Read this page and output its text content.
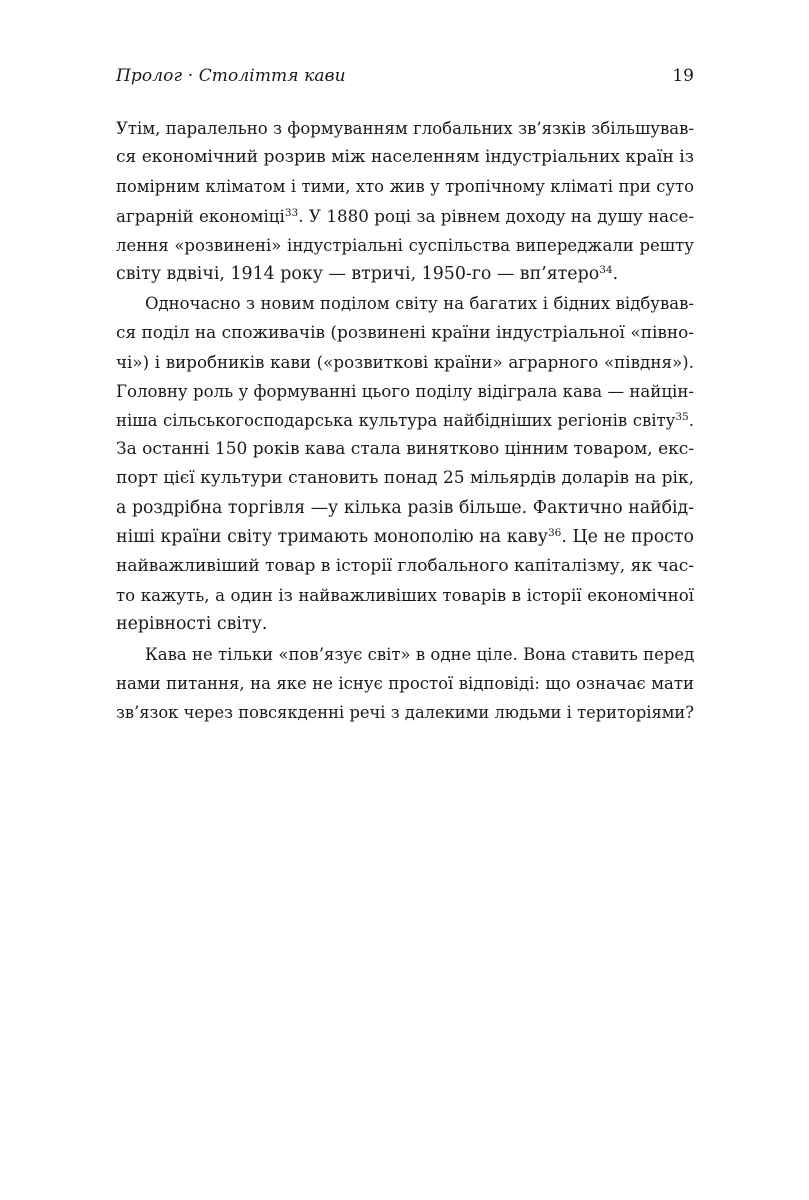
Пролог · Століття кави	19

Утім, паралельно з формуванням глобальних зв’язків збільшував-
ся економічний розрив між населенням індустріальних країн із
помірним кліматом і тими, хто жив у тропічному кліматі при суто
аграрній економіці$^{33}$. У 1880 році за рівнем доходу на душу насе-
лення «розвинені» індустріальні суспільства випереджали решту
світу вдвічі, 1914 року — втричі, 1950-го — вп’ятеро$^{34}$.

Одночасно з новим поділом світу на багатих і бідних відбував-
ся поділ на споживачів (розвинені країни індустріальної «півно-
чі») і виробників кави («розвиткові країни» аграрного «півдня»).
Головну роль у формуванні цього поділу відіграла кава — найцін-
ніша сільськогосподарська культура найбідніших регіонів світу$^{35}$.
За останні 150 років кава стала винятково цінним товаром, екс-
порт цієї культури становить понад 25 мільярдів доларів на рік,
а роздрібна торгівля —у кілька разів більше. Фактично найбід-
ніші країни світу тримають монополію на каву$^{36}$. Це не просто
найважливіший товар в історії глобального капіталізму, як час-
то кажуть, а один із найважливіших товарів в історії економічної
нерівності світу.

Кава не тільки «пов’язує світ» в одне ціле. Вона ставить перед
нами питання, на яке не існує простої відповіді: що означає мати
зв’язок через повсякденні речі з далекими людьми і територіями?
